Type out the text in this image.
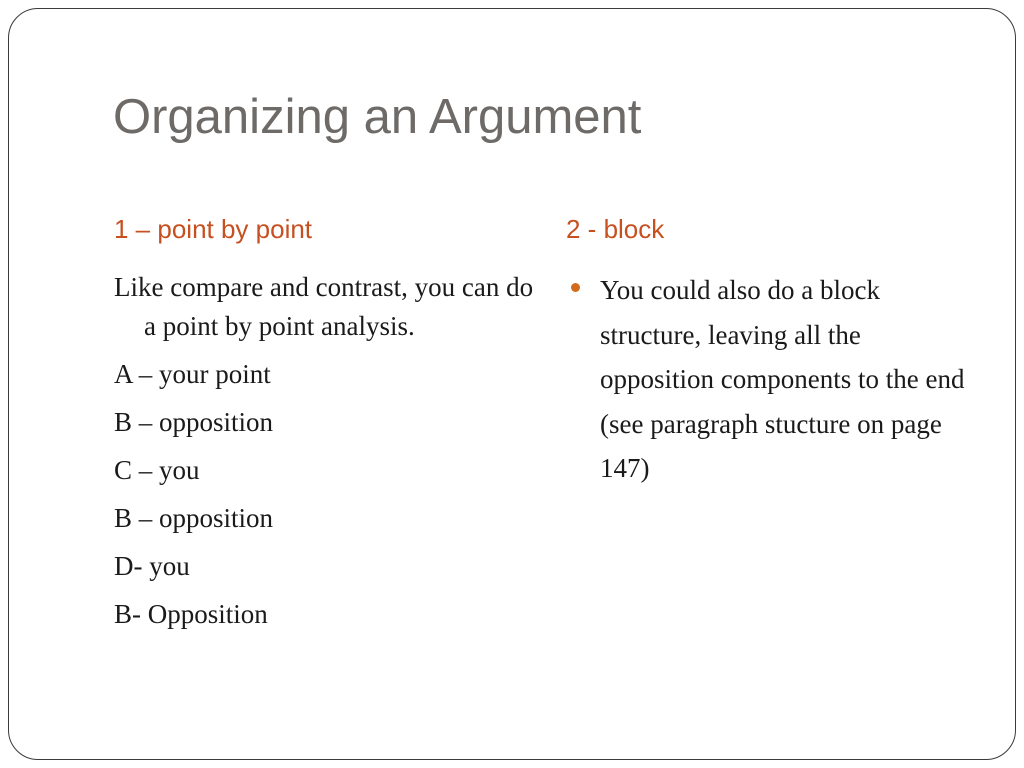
Organizing an Argument
1 – point by point	2 - block

Like compare and contrast, you can do a point by point analysis.

A – your point

B – opposition

C – you

B – opposition

D- you

B- Opposition

You could also do a block structure, leaving all the opposition components to the end (see paragraph stucture on page 147)
